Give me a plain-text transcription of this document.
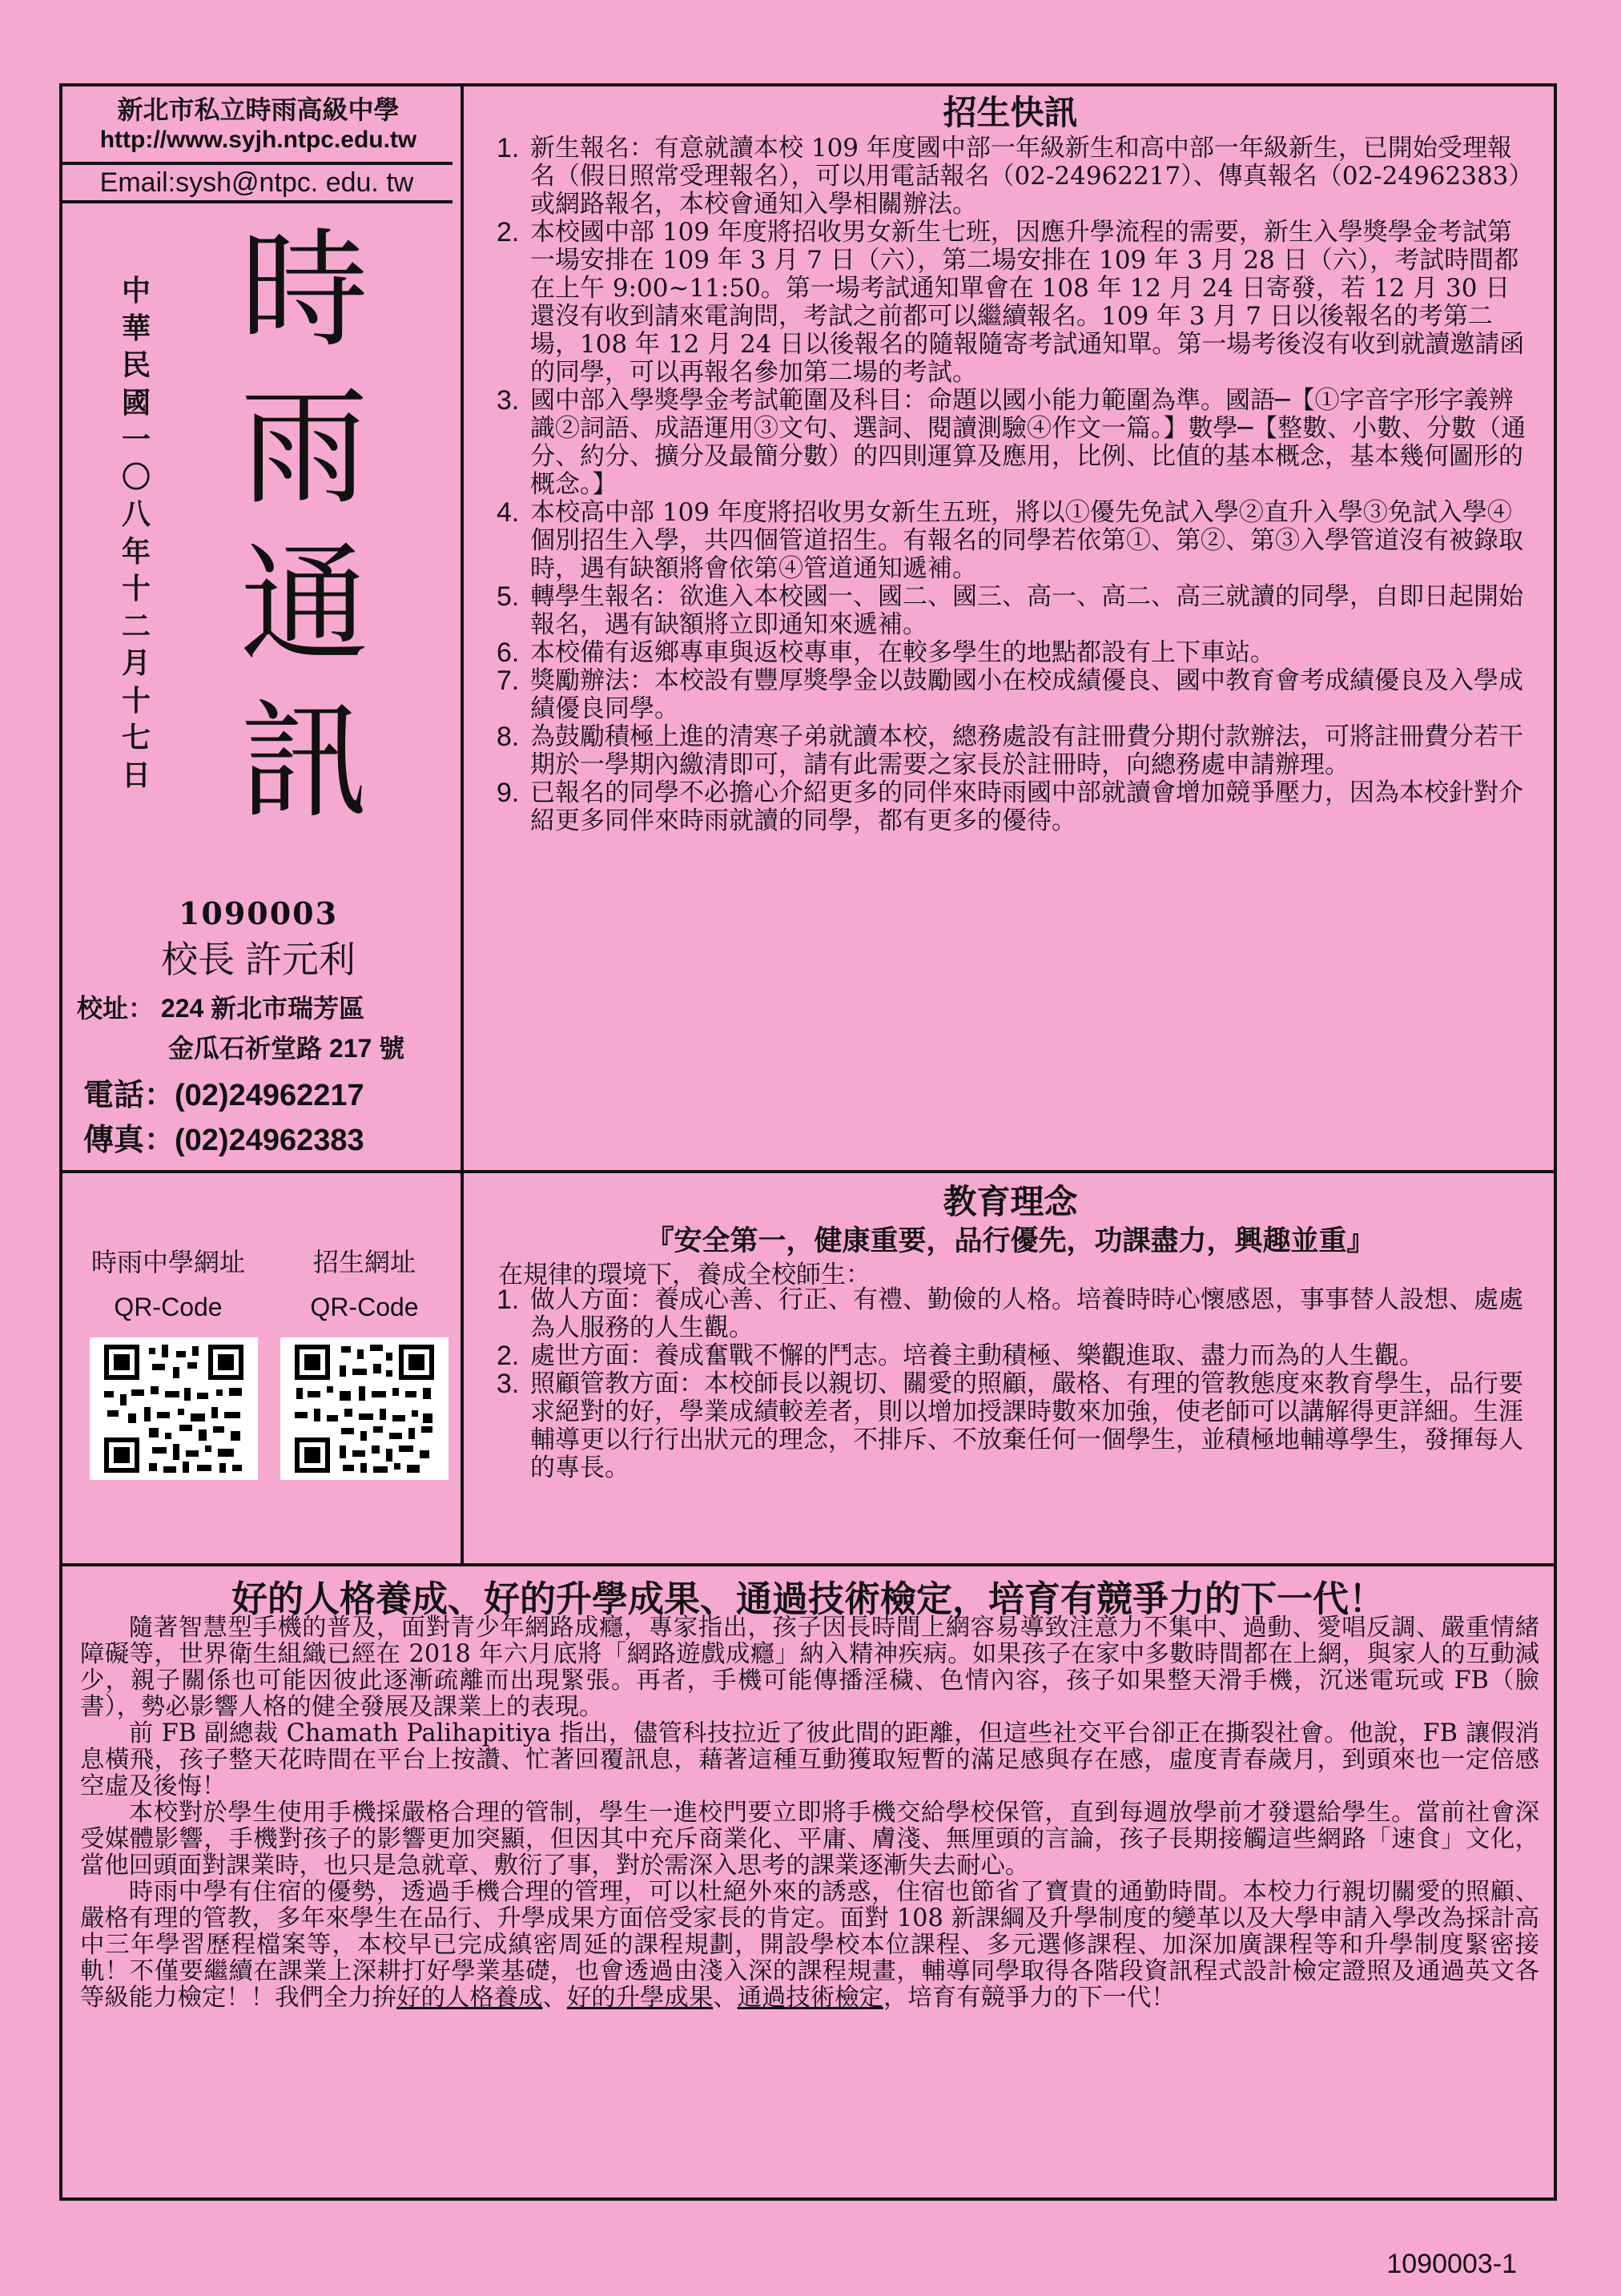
新北市私立時雨高級中學
http://www.syjh.ntpc.edu.tw
Email:sysh@ntpc. edu. tw
中華民國一〇八年十二月十七日
時雨通訊
1090003
校長 許元利
校址： 224 新北市瑞芳區
金瓜石祈堂路 217 號
電話：(02)24962217
傳真：(02)24962383
時雨中學網址
QR-Code
招生網址
QR-Code
招生快訊
1. 新生報名：有意就讀本校 109 年度國中部一年級新生和高中部一年級新生，已開始受理報名（假日照常受理報名），可以用電話報名（02-24962217）、傳真報名（02-24962383）或網路報名，本校會通知入學相關辦法。
2. 本校國中部 109 年度將招收男女新生七班，因應升學流程的需要，新生入學獎學金考試第一場安排在 109 年 3 月 7 日（六），第二場安排在 109 年 3 月 28 日（六），考試時間都在上午 9:00~11:50。第一場考試通知單會在 108 年 12 月 24 日寄發，若 12 月 30 日還沒有收到請來電詢問，考試之前都可以繼續報名。109 年 3 月 7 日以後報名的考第二場，108 年 12 月 24 日以後報名的隨報隨寄考試通知單。第一場考後沒有收到就讀邀請函的同學，可以再報名參加第二場的考試。
3. 國中部入學獎學金考試範圍及科目：命題以國小能力範圍為準。國語─【①字音字形字義辨識②詞語、成語運用③文句、選詞、閱讀測驗④作文一篇。】數學─【整數、小數、分數（通分、約分、擴分及最簡分數）的四則運算及應用，比例、比值的基本概念，基本幾何圖形的概念。】
4. 本校高中部 109 年度將招收男女新生五班，將以①優先免試入學②直升入學③免試入學④個別招生入學，共四個管道招生。有報名的同學若依第①、第②、第③入學管道沒有被錄取時，遇有缺額將會依第④管道通知遞補。
5. 轉學生報名：欲進入本校國一、國二、國三、高一、高二、高三就讀的同學，自即日起開始報名，遇有缺額將立即通知來遞補。
6. 本校備有返鄉專車與返校專車，在較多學生的地點都設有上下車站。
7. 獎勵辦法：本校設有豐厚獎學金以鼓勵國小在校成績優良、國中教育會考成績優良及入學成績優良同學。
8. 為鼓勵積極上進的清寒子弟就讀本校，總務處設有註冊費分期付款辦法，可將註冊費分若干期於一學期內繳清即可，請有此需要之家長於註冊時，向總務處申請辦理。
9. 已報名的同學不必擔心介紹更多的同伴來時雨國中部就讀會增加競爭壓力，因為本校針對介紹更多同伴來時雨就讀的同學，都有更多的優待。
教育理念
『安全第一，健康重要，品行優先，功課盡力，興趣並重』
在規律的環境下，養成全校師生：
1. 做人方面：養成心善、行正、有禮、勤儉的人格。培養時時心懷感恩，事事替人設想、處處為人服務的人生觀。
2. 處世方面：養成奮戰不懈的鬥志。培養主動積極、樂觀進取、盡力而為的人生觀。
3. 照顧管教方面：本校師長以親切、關愛的照顧，嚴格、有理的管教態度來教育學生，品行要求絕對的好，學業成績較差者，則以增加授課時數來加強，使老師可以講解得更詳細。生涯輔導更以行行出狀元的理念，不排斥、不放棄任何一個學生，並積極地輔導學生，發揮每人的專長。
好的人格養成、好的升學成果、通過技術檢定，培育有競爭力的下一代！

隨著智慧型手機的普及，面對青少年網路成癮，專家指出，孩子因長時間上網容易導致注意力不集中、過動、愛唱反調、嚴重情緒障礙等，世界衛生組織已經在 2018 年六月底將「網路遊戲成癮」納入精神疾病。如果孩子在家中多數時間都在上網，與家人的互動減少，親子關係也可能因彼此逐漸疏離而出現緊張。再者，手機可能傳播淫穢、色情內容，孩子如果整天滑手機，沉迷電玩或 FB（臉書），勢必影響人格的健全發展及課業上的表現。

前 FB 副總裁 Chamath Palihapitiya 指出，儘管科技拉近了彼此間的距離，但這些社交平台卻正在撕裂社會。他說，FB 讓假消息橫飛，孩子整天花時間在平台上按讚、忙著回覆訊息，藉著這種互動獲取短暫的滿足感與存在感，虛度青春歲月，到頭來也一定倍感空虛及後悔！

本校對於學生使用手機採嚴格合理的管制，學生一進校門要立即將手機交給學校保管，直到每週放學前才發還給學生。當前社會深受媒體影響，手機對孩子的影響更加突顯，但因其中充斥商業化、平庸、膚淺、無厘頭的言論，孩子長期接觸這些網路「速食」文化，當他回頭面對課業時，也只是急就章、敷衍了事，對於需深入思考的課業逐漸失去耐心。

時雨中學有住宿的優勢，透過手機合理的管理，可以杜絕外來的誘惑，住宿也節省了寶貴的通勤時間。本校力行親切關愛的照顧、嚴格有理的管教，多年來學生在品行、升學成果方面倍受家長的肯定。面對 108 新課綱及升學制度的變革以及大學申請入學改為採計高中三年學習歷程檔案等，本校早已完成縝密周延的課程規劃，開設學校本位課程、多元選修課程、加深加廣課程等和升學制度緊密接軌！不僅要繼續在課業上深耕打好學業基礎，也會透過由淺入深的課程規畫，輔導同學取得各階段資訊程式設計檢定證照及通過英文各等級能力檢定！！我們全力拚好的人格養成、好的升學成果、通過技術檢定，培育有競爭力的下一代！

1090003-1
